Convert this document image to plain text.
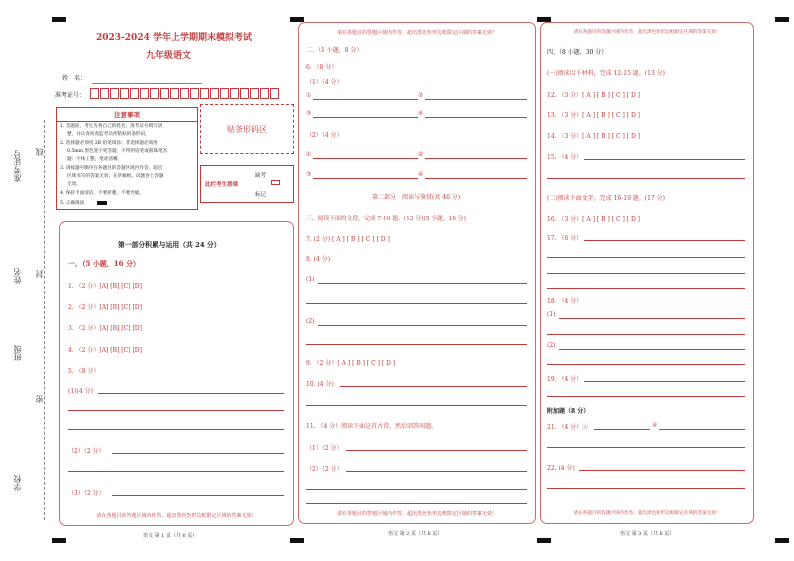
准考证号 线
姓名 封
班级
密
学校
2023-2024 学年上学期期末模拟考试
九年级语文
姓　名：
准考证号：
注意事项
1. 答题前，考生先将自己的姓名，准考证号填写清
楚，并认真检查监考员所粘贴的条形码。
2. 选择题必须用 2B 铅笔填涂；非选择题必须用
0.5mm 黑色签字笔答题，不得用铅笔或圆珠笔答
题；字体工整、笔迹清晰。
3. 请按题号顺序在各题目的答题区域内作答，超出
区域书写的答案无效；在草稿纸、试题卷上答题
无效。
4. 保持卡面清洁，不要折叠、不要弄破。
5. 正确填涂
贴条形码区
此栏考生禁填
缺考
标记
第一部分积累与运用（共 24 分）
一、（5 小题，16 分）
1. （2 分）[A] [B] [C] [D]
2. （2 分）[A] [B] [C] [D]
3. （2 分）[A] [B] [C] [D]
4. （2 分）[A] [B] [C] [D]
5. （8 分）
(1)(4 分)
（2）（2 分）
（3）（2 分）
请在各题目的答题区域内作答，超出黑色矩形边框限定区域的答案无效！
语文 第 1 页（共 6 页）
请在各题目的答题区域内作答，超出黑色矩形边框限定区域的答案无效！
二、（1 小题，8 分）
6. （8 分）
（1）（4 分）
①	②
③	④
（2）（4 分）
①	②
③	④
第二部分　阅读与鉴赏(共 46 分)
三、阅读下面的文段，完成 7-10 题。(12 分)(5 小题，16 分)
7. (2 分) [ A ] [ B ] [ C ] [ D ]
8. (4 分)
(1)
(2)
9. （2 分）[ A ] [ B ] [ C ] [ D ]
10. (4 分)
11. （4 分）阅读下面这首古诗，然后回答问题。
（1）（2 分）
（2）（2 分）
请在各题目的答题区域内作答，超出黑色矩形边框限定区域的答案无效！
语文 第 2 页（共 6 页）
请在各题目的答题区域内作答，超出黑色矩形边框限定区域的答案无效！
四、（8 小题，30 分）
(一)阅读以下材料，完成 12-15 题。(13 分)
12. （3 分）[ A ] [ B ] [ C ] [ D ]
13. （3 分）[ A ] [ B ] [ C ] [ D ]
14. （3 分）[ A ] [ B ] [ C ] [ D ]
15. （4 分）
(二)阅读下面文字，完成 16-19 题。(17 分)
16. （3 分）[ A ] [ B ] [ C ] [ D ]
17. （6 分）
18. （4 分）
(1)
(2)
19. （4 分）
附加题（8 分）
21. （4 分）③	④
22. (4 分)
请在各题目的答题区域内作答，超出黑色矩形边框限定区域的答案无效！
语文 第 3 页（共 6 页）
